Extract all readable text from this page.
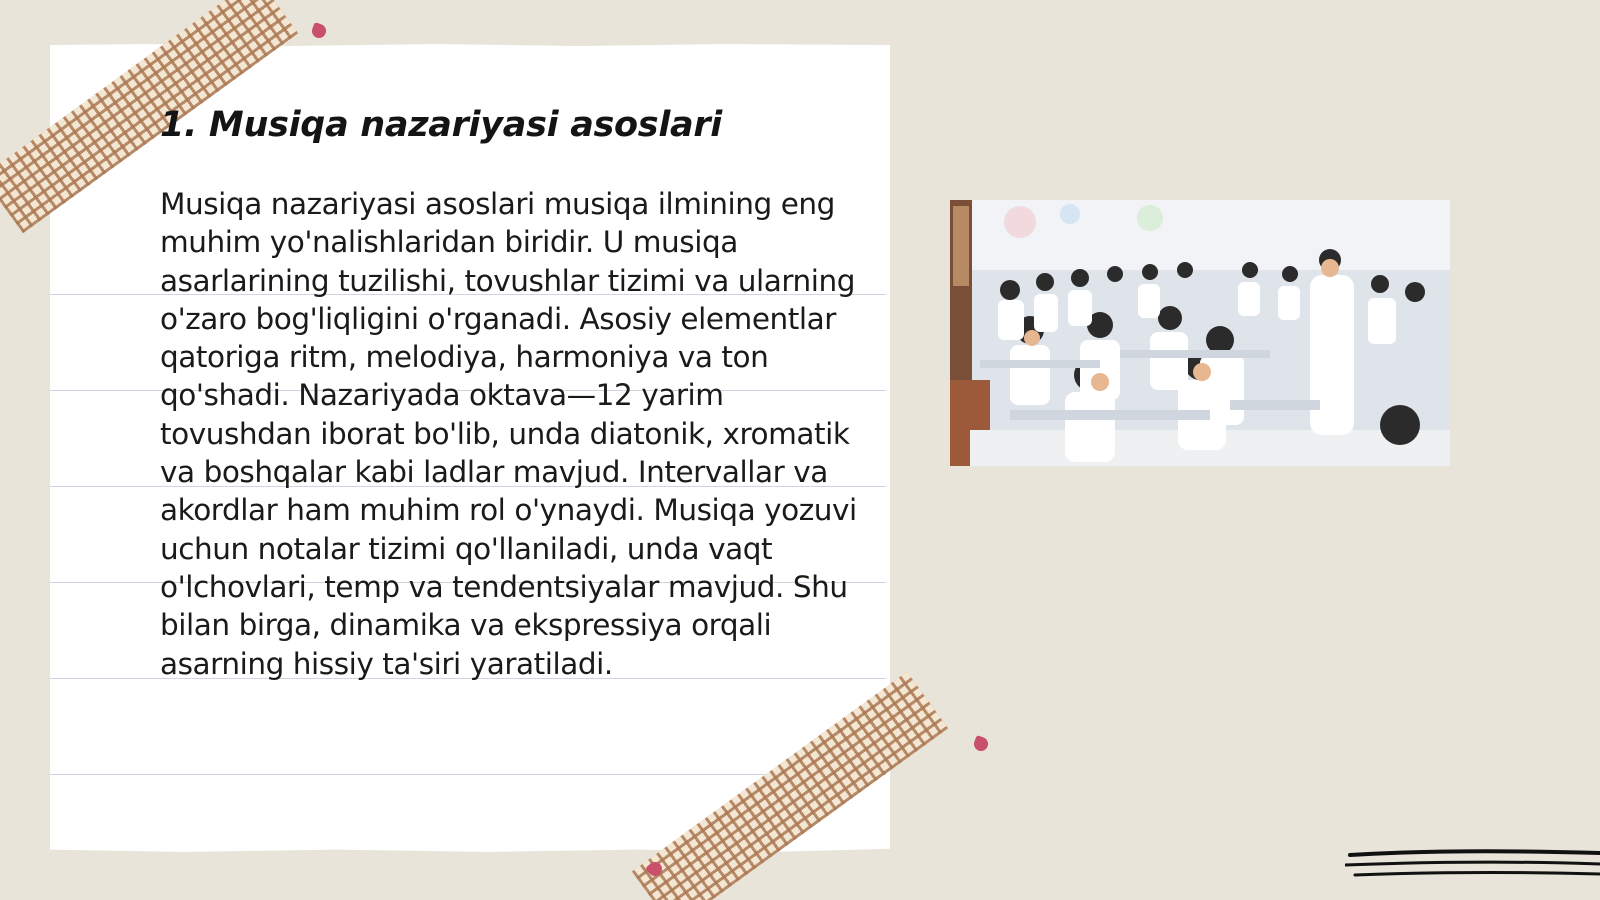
1. Musiqa nazariyasi asoslari

Musiqa nazariyasi asoslari musiqa ilmining eng muhim yo'nalishlaridan biridir. U musiqa asarlarining tuzilishi, tovushlar tizimi va ularning o'zaro bog'liqligini o'rganadi. Asosiy elementlar qatoriga ritm, melodiya, harmoniya va ton qo'shadi. Nazariyada oktava—12 yarim tovushdan iborat bo'lib, unda diatonik, xromatik va boshqalar kabi ladlar mavjud. Intervallar va akordlar ham muhim rol o'ynaydi. Musiqa yozuvi uchun notalar tizimi qo'llaniladi, unda vaqt o'lchovlari, temp va tendentsiyalar mavjud. Shu bilan birga, dinamika va ekspressiya orqali asarning hissiy ta'siri yaratiladi.
